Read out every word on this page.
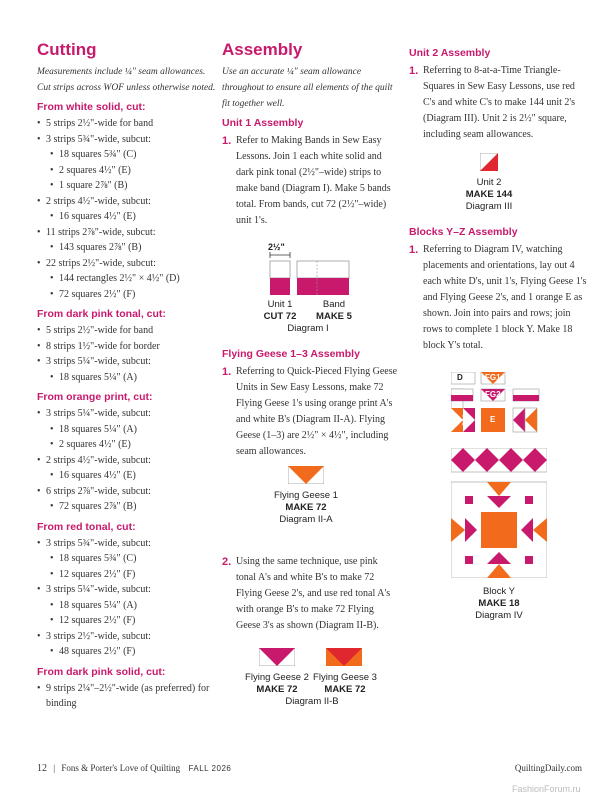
Cutting

Measurements include ¼" seam allowances.

Cut strips across WOF unless otherwise noted.

From white solid, cut:
• 5 strips 2½"-wide for band
• 3 strips 5¾"-wide, subcut:
• 18 squares 5¾" (C)
• 2 squares 4½" (E)
• 1 square 2⅞" (B)
• 2 strips 4½"-wide, subcut:
• 16 squares 4½" (E)
• 11 strips 2⅞"-wide, subcut:
• 143 squares 2⅞" (B)
• 22 strips 2½"-wide, subcut:
• 144 rectangles 2½" × 4½" (D)
• 72 squares 2½" (F)
From dark pink tonal, cut:
• 5 strips 2½"-wide for band
• 8 strips 1½"-wide for border
• 3 strips 5¼"-wide, subcut:
• 18 squares 5¼" (A)
From orange print, cut:
• 3 strips 5¼"-wide, subcut:
• 18 squares 5¼" (A)
• 2 squares 4½" (E)
• 2 strips 4½"-wide, subcut:
• 16 squares 4½" (E)
• 6 strips 2⅞"-wide, subcut:
• 72 squares 2⅞" (B)
From red tonal, cut:
• 3 strips 5¾"-wide, subcut:
• 18 squares 5¾" (C)
• 12 squares 2½" (F)
• 3 strips 5¼"-wide, subcut:
• 18 squares 5¼" (A)
• 12 squares 2½" (F)
• 3 strips 2½"-wide, subcut:
• 48 squares 2½" (F)
From dark pink solid, cut:
• 9 strips 2¼"–2½"-wide (as preferred) for binding
Assembly

Use an accurate ¼" seam allowance throughout to ensure all elements of the quilt fit together well.

Unit 1 Assembly
1. Refer to Making Bands in Sew Easy Lessons. Join 1 each white solid and dark pink tonal (2½"–wide) strips to make band (Diagram I). Make 5 bands total. From bands, cut 72 (2½"–wide) unit 1's.
2½"
Unit 1
CUT 72
Band
MAKE 5
Diagram I
Flying Geese 1–3 Assembly
1. Referring to Quick-Pieced Flying Geese Units in Sew Easy Lessons, make 72 Flying Geese 1's using orange print A's and white B's (Diagram II-A). Flying Geese (1–3) are 2½" × 4½", including seam allowances.
Flying Geese 1
MAKE 72
Diagram II-A
2. Using the same technique, use pink tonal A's and white B's to make 72 Flying Geese 2's, and use red tonal A's with orange B's to make 72 Flying Geese 3's as shown (Diagram II-B).
Flying Geese 2
MAKE 72
Flying Geese 3
MAKE 72
Diagram II-B
Unit 2 Assembly
1. Referring to 8-at-a-Time Triangle-Squares in Sew Easy Lessons, use red C's and white C's to make 144 unit 2's (Diagram III). Unit 2 is 2½" square, including seam allowances.
Unit 2
MAKE 144
Diagram III
Blocks Y–Z Assembly
1. Referring to Diagram IV, watching placements and orientations, lay out 4 each white D's, unit 1's, Flying Geese 1's and Flying Geese 2's, and 1 orange E as shown. Join into pairs and rows; join rows to complete 1 block Y. Make 18 block Y's total.
D	FG1
Unit 1 FG2 Unit 1
FG1 FG2	E
Block Y
MAKE 18
Diagram IV
12 | Fons & Porter's Love of Quilting FALL 2026	QuiltingDaily.com
FashionForum.ru
